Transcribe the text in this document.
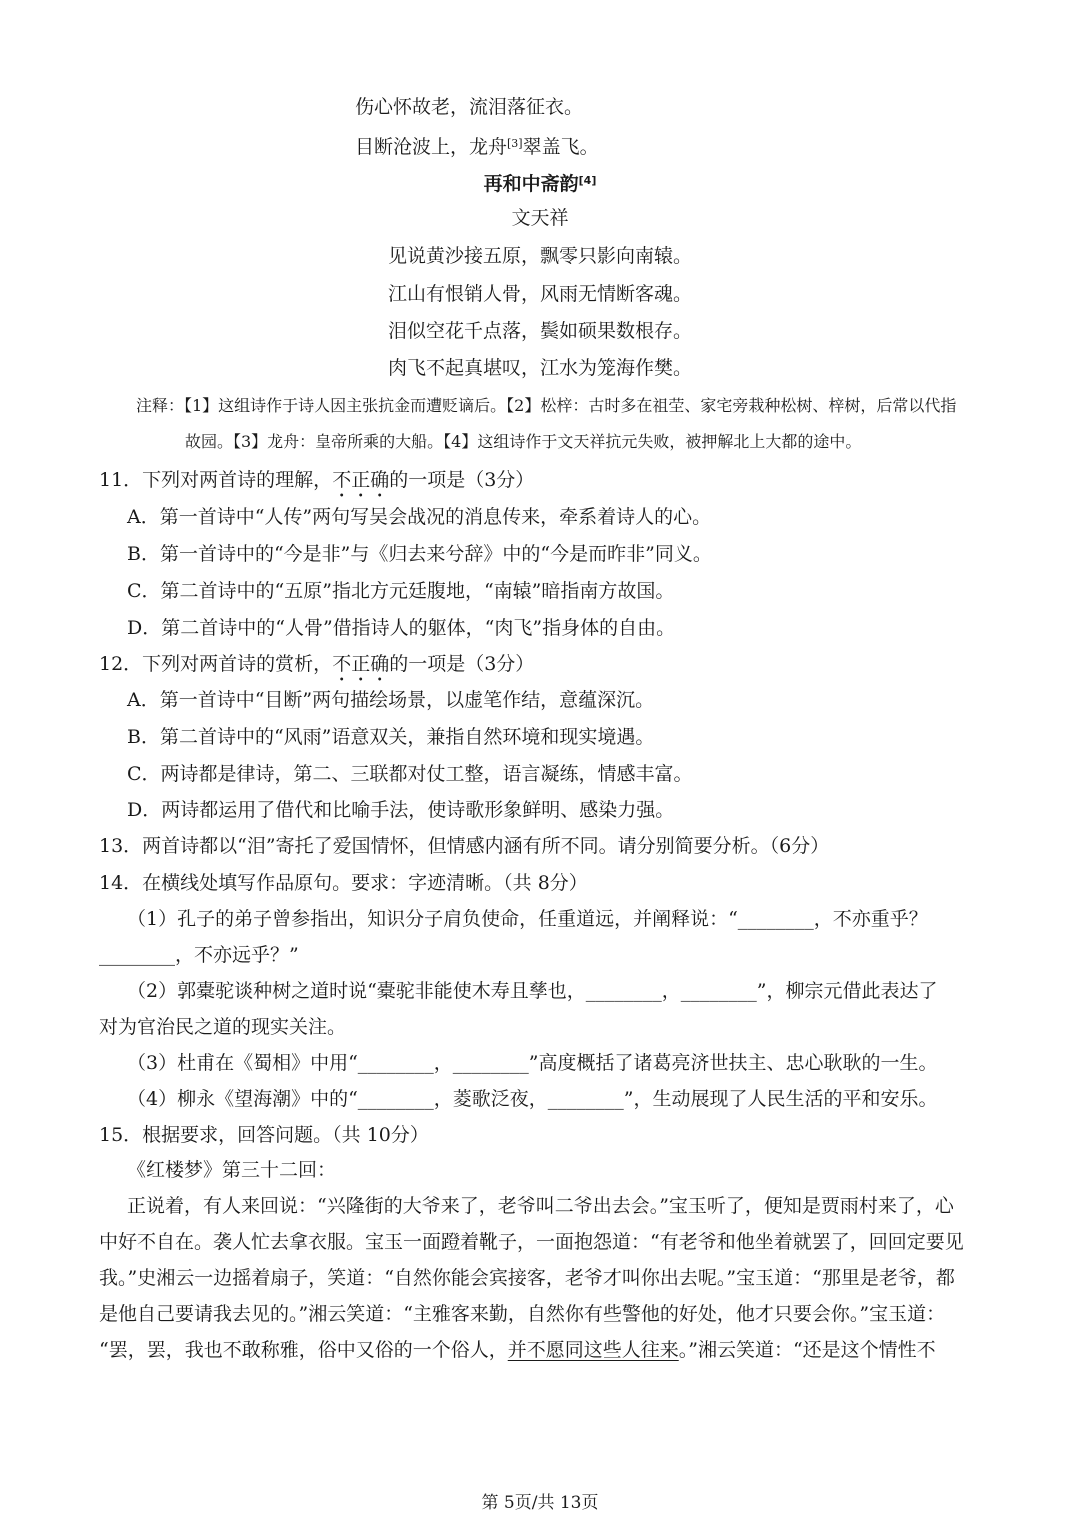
伤心怀故老，流泪落征衣。
目断沧波上，龙舟[3]翠盖飞。
再和中斋韵[4]
文天祥
见说黄沙接五原，飘零只影向南辕。
江山有恨销人骨，风雨无情断客魂。
泪似空花千点落，鬓如硕果数根存。
肉飞不起真堪叹，江水为笼海作樊。
注释：【1】这组诗作于诗人因主张抗金而遭贬谪后。【2】松梓：古时多在祖茔、家宅旁栽种松树、梓树，后常以代指
故园。【3】龙舟：皇帝所乘的大船。【4】这组诗作于文天祥抗元失败，被押解北上大都的途中。
11．下列对两首诗的理解，不正确的一项是（3分）
A．第一首诗中“人传”两句写吴会战况的消息传来，牵系着诗人的心。
B．第一首诗中的“今是非”与《归去来兮辞》中的“今是而昨非”同义。
C．第二首诗中的“五原”指北方元廷腹地，“南辕”暗指南方故国。
D．第二首诗中的“人骨”借指诗人的躯体，“肉飞”指身体的自由。
12．下列对两首诗的赏析，不正确的一项是（3分）
A．第一首诗中“目断”两句描绘场景，以虚笔作结，意蕴深沉。
B．第二首诗中的“风雨”语意双关，兼指自然环境和现实境遇。
C．两诗都是律诗，第二、三联都对仗工整，语言凝练，情感丰富。
D．两诗都运用了借代和比喻手法，使诗歌形象鲜明、感染力强。
13．两首诗都以“泪”寄托了爱国情怀，但情感内涵有所不同。请分别简要分析。（6分）
14．在横线处填写作品原句。要求：字迹清晰。（共 8分）
（1）孔子的弟子曾参指出，知识分子肩负使命，任重道远，并阐释说：“________，不亦重乎？
________，不亦远乎？”
（2）郭橐驼谈种树之道时说“橐驼非能使木寿且孳也，________，________”，柳宗元借此表达了
对为官治民之道的现实关注。
（3）杜甫在《蜀相》中用“________，________”高度概括了诸葛亮济世扶主、忠心耿耿的一生。
（4）柳永《望海潮》中的“________，菱歌泛夜，________”，生动展现了人民生活的平和安乐。
15．根据要求，回答问题。（共 10分）
《红楼梦》第三十二回：
正说着，有人来回说：“兴隆街的大爷来了，老爷叫二爷出去会。”宝玉听了，便知是贾雨村来了，心
中好不自在。袭人忙去拿衣服。宝玉一面蹬着靴子，一面抱怨道：“有老爷和他坐着就罢了，回回定要见
我。”史湘云一边摇着扇子，笑道：“自然你能会宾接客，老爷才叫你出去呢。”宝玉道：“那里是老爷，都
是他自己要请我去见的。”湘云笑道：“主雅客来勤，自然你有些警他的好处，他才只要会你。”宝玉道：
“罢，罢，我也不敢称雅，俗中又俗的一个俗人，并不愿同这些人往来。”湘云笑道：“还是这个情性不
第 5页/共 13页
